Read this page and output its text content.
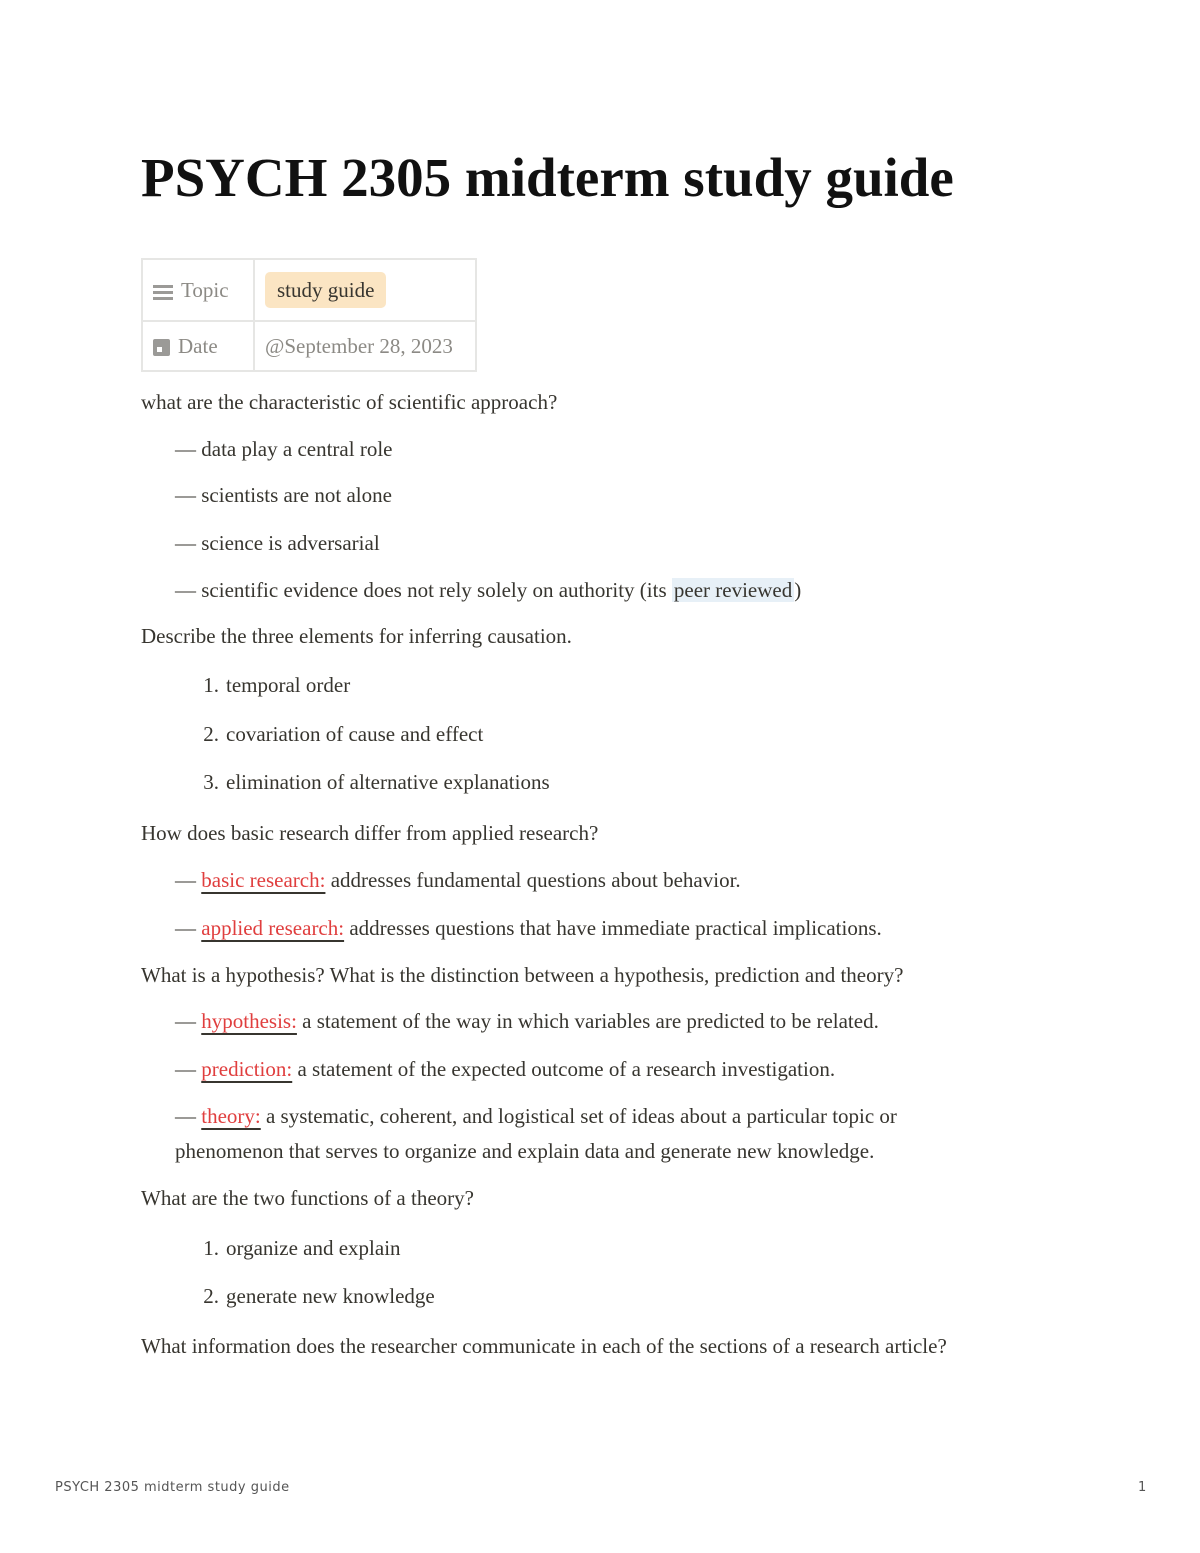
PSYCH 2305 midterm study guide
Topic	study guide

Date	@September 28, 2023
what are the characteristic of scientific approach?
— data play a central role
— scientists are not alone
— science is adversarial
— scientific evidence does not rely solely on authority (its peer reviewed)
Describe the three elements for inferring causation.
1. temporal order
2. covariation of cause and effect
3. elimination of alternative explanations
How does basic research differ from applied research?
— basic research: addresses fundamental questions about behavior.
— applied research: addresses questions that have immediate practical implications.
What is a hypothesis? What is the distinction between a hypothesis, prediction and theory?
— hypothesis: a statement of the way in which variables are predicted to be related.
— prediction: a statement of the expected outcome of a research investigation.
— theory: a systematic, coherent, and logistical set of ideas about a particular topic or
phenomenon that serves to organize and explain data and generate new knowledge.
What are the two functions of a theory?
1. organize and explain
2. generate new knowledge
What information does the researcher communicate in each of the sections of a research article?
PSYCH 2305 midterm study guide	1
